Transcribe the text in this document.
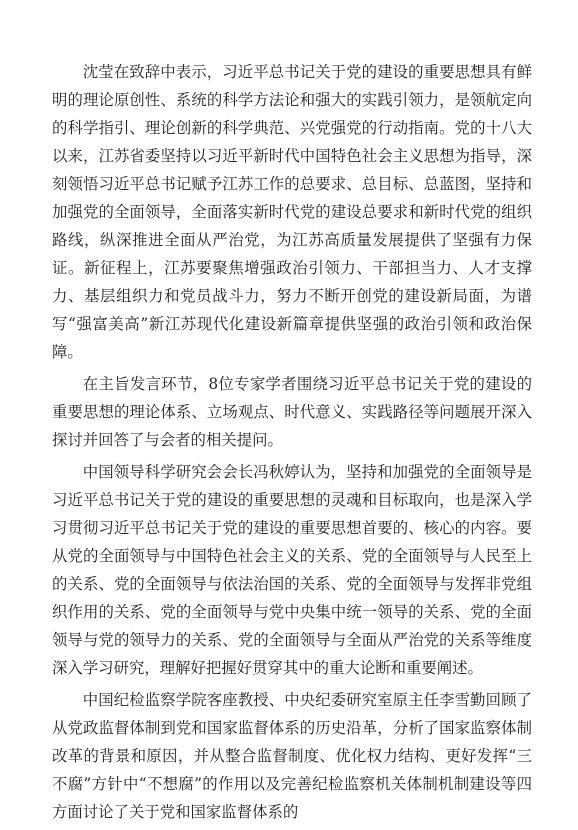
沈莹在致辞中表示，习近平总书记关于党的建设的重要思想具有鲜明的理论原创性、系统的科学方法论和强大的实践引领力，是领航定向的科学指引、理论创新的科学典范、兴党强党的行动指南。党的十八大以来，江苏省委坚持以习近平新时代中国特色社会主义思想为指导，深刻领悟习近平总书记赋予江苏工作的总要求、总目标、总蓝图，坚持和加强党的全面领导，全面落实新时代党的建设总要求和新时代党的组织路线，纵深推进全面从严治党，为江苏高质量发展提供了坚强有力保证。新征程上，江苏要聚焦增强政治引领力、干部担当力、人才支撑力、基层组织力和党员战斗力，努力不断开创党的建设新局面，为谱写“强富美高”新江苏现代化建设新篇章提供坚强的政治引领和政治保障。

在主旨发言环节，8位专家学者围绕习近平总书记关于党的建设的重要思想的理论体系、立场观点、时代意义、实践路径等问题展开深入探讨并回答了与会者的相关提问。

中国领导科学研究会会长冯秋婷认为，坚持和加强党的全面领导是习近平总书记关于党的建设的重要思想的灵魂和目标取向，也是深入学习贯彻习近平总书记关于党的建设的重要思想首要的、核心的内容。要从党的全面领导与中国特色社会主义的关系、党的全面领导与人民至上的关系、党的全面领导与依法治国的关系、党的全面领导与发挥非党组织作用的关系、党的全面领导与党中央集中统一领导的关系、党的全面领导与党的领导力的关系、党的全面领导与全面从严治党的关系等维度深入学习研究，理解好把握好贯穿其中的重大论断和重要阐述。

中国纪检监察学院客座教授、中央纪委研究室原主任李雪勤回顾了从党政监督体制到党和国家监督体系的历史沿革，分析了国家监察体制改革的背景和原因，并从整合监督制度、优化权力结构、更好发挥“三不腐”方针中“不想腐”的作用以及完善纪检监察机关体制机制建设等四方面讨论了关于党和国家监督体系的
